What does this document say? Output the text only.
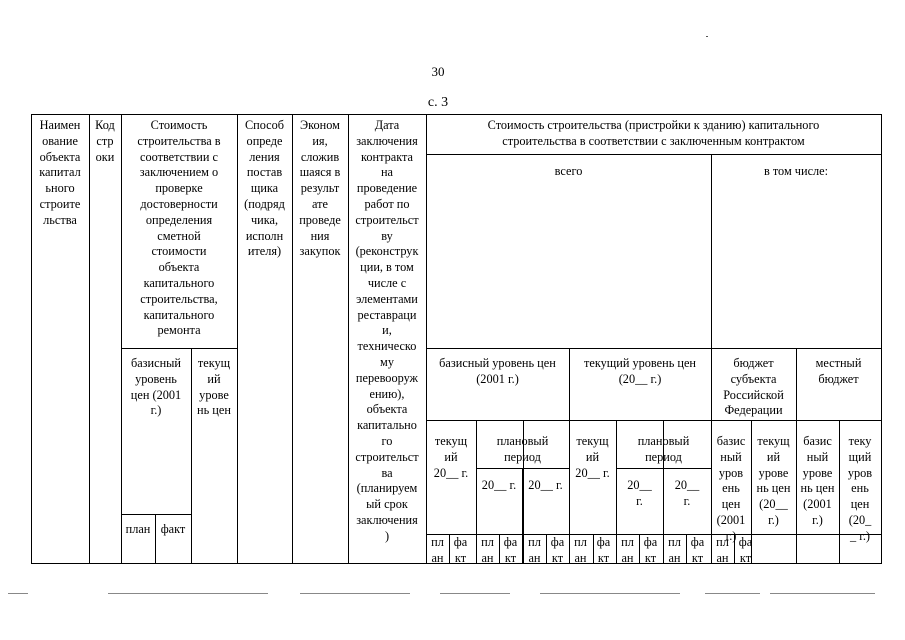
30
с. 3
Наимен
ование
объекта
капитал
ьного
строите
льства
Код
стр
оки
Стоимость
строительства в
соответствии с
заключением о
проверке
достоверности
определения
сметной
стоимости
объекта
капитального
строительства,
капитального
ремонта
Способ
опреде
ления
постав
щика
(подряд
чика,
исполн
ителя)
Эконом
ия,
сложив
шаяся в
результ
ате
проведе
ния
закупок
Дата
заключения
контракта
на
проведение
работ по
строительст
ву
(реконструк
ции, в том
числе с
элементами
реставраци
и,
техническо
му
перевооруж
ению),
объекта
капитально
го
строительст
ва
(планируем
ый срок
заключения
)
Стоимость строительства (пристройки к зданию) капитального
строительства в соответствии с заключенным контрактом
всего	в том числе:
базисный
уровень
цен (2001
г.)
текущ
ий
урове
нь цен
план факт
базисный уровень цен
(2001 г.)
текущий уровень цен
(20__ г.)
бюджет
субъекта
Российской
Федерации
местный
бюджет
текущ
ий
20__ г.
плановый
период
текущ
ий
20__ г.
плановый
период
20__ г. 20__ г.	20__
г.
20__
г.
базис
ный
уров
ень
цен
(2001
г.)
текущ
ий
урове
нь цен
(20__
г.)
базис
ный
урове
нь цен
(2001
г.)
теку
щий
уров
ень
цен
(20_
_ г.)
пл
ан
фа
кт
пл
ан
фа
кт
пл
ан
фа
кт
пл
ан
фа
кт
пл
ан
фа
кт
пл
ан
фа
кт
пл
ан
фа
кт
